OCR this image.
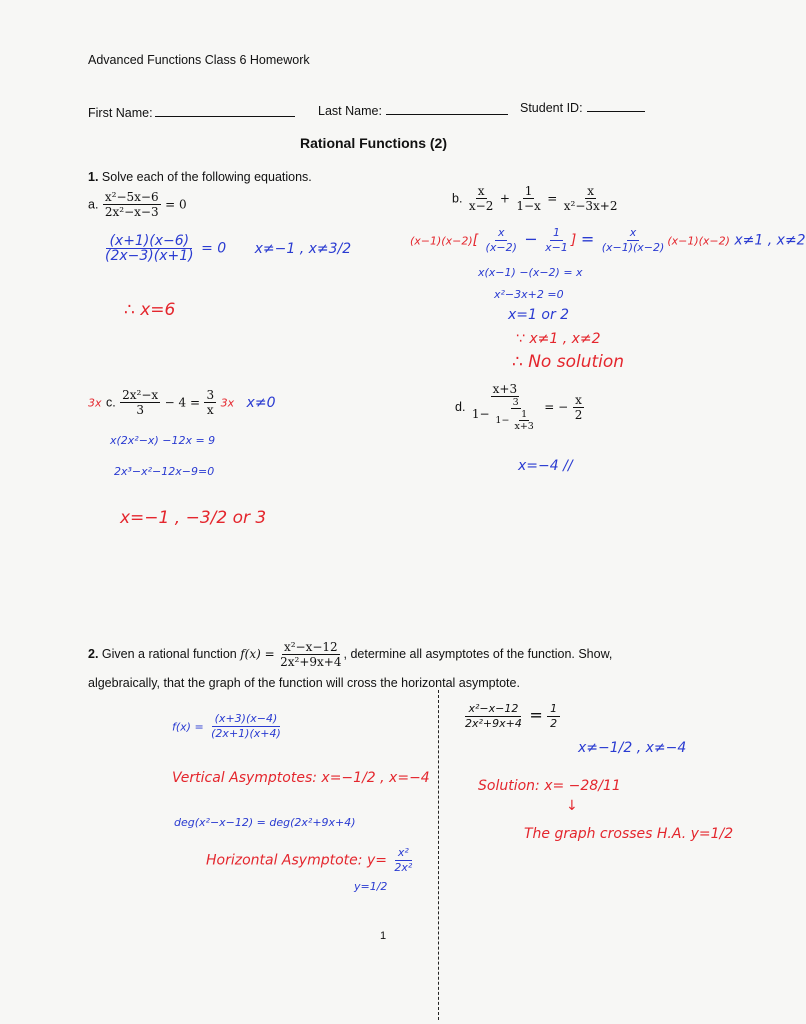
Advanced Functions Class 6 Homework
First Name:	Last Name:	Student ID:
Rational Functions (2)
1. Solve each of the following equations.
a. $\frac{\text{x²−5x−6}}{\text{2x²−x−3}} = 0$
$\frac{(x+1)(x-6)}{(2x-3)(x+1)} = 0$ x≠−1 , x≠3/2
∴ x=6
b. $\frac{x}{x-2} + \frac{1}{1-x} = \frac{x}{\text{x²−3x+2}}$
$(x-1)(x-2)[ \frac{x}{(x-2)} - \frac{1}{x-1}$ ] = $\frac{x}{(x-1)(x-2)} (x-1)(x-2)$ x≠1 , x≠2
x(x−1) −(x−2) = x
x²−3x+2 =0
x=1 or 2
∵ x≠1 , x≠2
∴ No solution
3x c. $\frac{\text{2x²−x}}{3} - 4 = \frac{3}{x} 3x$ x≠0
x(2x²−x) −12x = 9
2x³−x²−12x−9=0
x=−1 , −3/2 or 3
d.
x+3
$1- \frac{3}{1- \frac{1}{x+3}}$ = − $\frac{x}{2}$
x=−4 //
2. Given a rational function $f(x) = \frac{\text{x²−x−12}}{\text{2x²+9x+4}}$ , determine all asymptotes of the function. Show,
algebraically, that the graph of the function will cross the horizontal asymptote.
$f(x) = \frac{(x+3)(x-4)}{(2x+1)(x+4)}$
Vertical Asymptotes: x=−1/2 , x=−4
deg(x²−x−12) = deg(2x²+9x+4)
Horizontal Asymptote: $y= \frac{\text{x²}}{\text{2x²}}$
y=1/2
$\frac{\text{x²−x−12}}{\text{2x²+9x+4}} = \frac{1}{2}$
x≠−1/2 , x≠−4
Solution: x= −28/11
↓
The graph crosses H.A. y=1/2
1
